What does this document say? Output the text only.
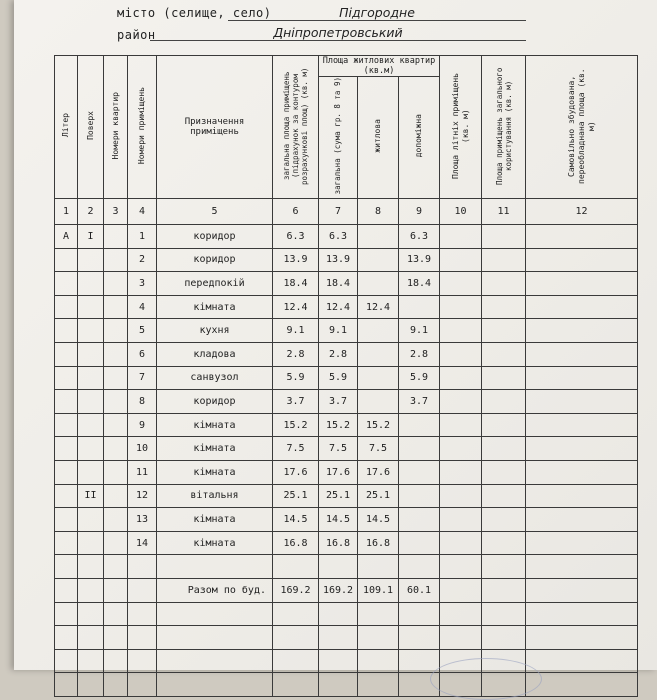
місто (селище, село)	Підгородне
район	Дніпропетровський
Літер	Поверх	Номери квартир	Номери приміщень	Призначення приміщень	загальна площа приміщень (підрахунок за контуром розрахункові площ) (кв. м)	Площа житлових квартир (кв.м)			Площа літніх приміщень (кв. м)	Площа приміщень загального користування (кв. м)	Самовільно збудована, переобладнана площа (кв. м)
						загальна (сума гр. 8 та 9)	житлова	допоміжна			
1	2	3	4	5	6	7	8	9	10	11	12
А	I		1	коридор	6.3	6.3		6.3			
			2	коридор	13.9	13.9		13.9			
			3	передпокій	18.4	18.4		18.4			
			4	кімната	12.4	12.4	12.4				
			5	кухня	9.1	9.1		9.1			
			6	кладова	2.8	2.8		2.8			
			7	санвузол	5.9	5.9		5.9			
			8	коридор	3.7	3.7		3.7			
			9	кімната	15.2	15.2	15.2				
			10	кімната	7.5	7.5	7.5				
			11	кімната	17.6	17.6	17.6				
	II		12	вітальня	25.1	25.1	25.1				
			13	кімната	14.5	14.5	14.5				
			14	кімната	16.8	16.8	16.8				

				Разом по буд.	169.2	169.2	109.1	60.1			
